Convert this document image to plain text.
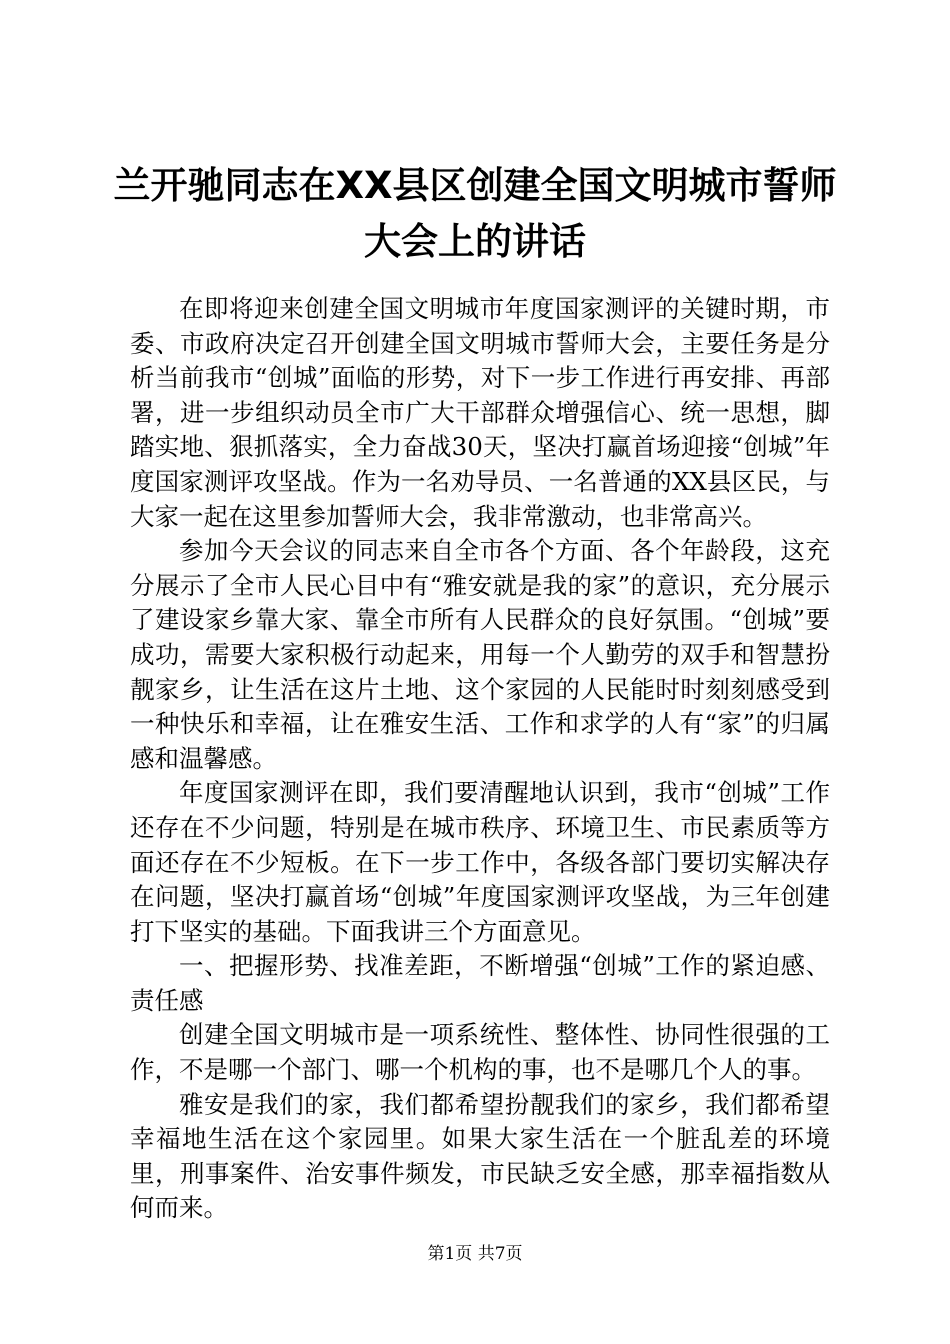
兰开驰同志在XX县区创建全国文明城市誓师
大会上的讲话

在即将迎来创建全国文明城市年度国家测评的关键时期，市委、市政府决定召开创建全国文明城市誓师大会，主要任务是分析当前我市“创城”面临的形势，对下一步工作进行再安排、再部署，进一步组织动员全市广大干部群众增强信心、统一思想，脚踏实地、狠抓落实，全力奋战30天，坚决打赢首场迎接“创城”年度国家测评攻坚战。作为一名劝导员、一名普通的XX县区民，与大家一起在这里参加誓师大会，我非常激动，也非常高兴。

参加今天会议的同志来自全市各个方面、各个年龄段，这充分展示了全市人民心目中有“雅安就是我的家”的意识，充分展示了建设家乡靠大家、靠全市所有人民群众的良好氛围。“创城”要成功，需要大家积极行动起来，用每一个人勤劳的双手和智慧扮靓家乡，让生活在这片土地、这个家园的人民能时时刻刻感受到一种快乐和幸福，让在雅安生活、工作和求学的人有“家”的归属感和温馨感。

年度国家测评在即，我们要清醒地认识到，我市“创城”工作还存在不少问题，特别是在城市秩序、环境卫生、市民素质等方面还存在不少短板。在下一步工作中，各级各部门要切实解决存在问题，坚决打赢首场“创城”年度国家测评攻坚战，为三年创建打下坚实的基础。下面我讲三个方面意见。

一、把握形势、找准差距，不断增强“创城”工作的紧迫感、责任感

创建全国文明城市是一项系统性、整体性、协同性很强的工作，不是哪一个部门、哪一个机构的事，也不是哪几个人的事。

雅安是我们的家，我们都希望扮靓我们的家乡，我们都希望幸福地生活在这个家园里。如果大家生活在一个脏乱差的环境里，刑事案件、治安事件频发，市民缺乏安全感，那幸福指数从何而来。

第1页 共7页
